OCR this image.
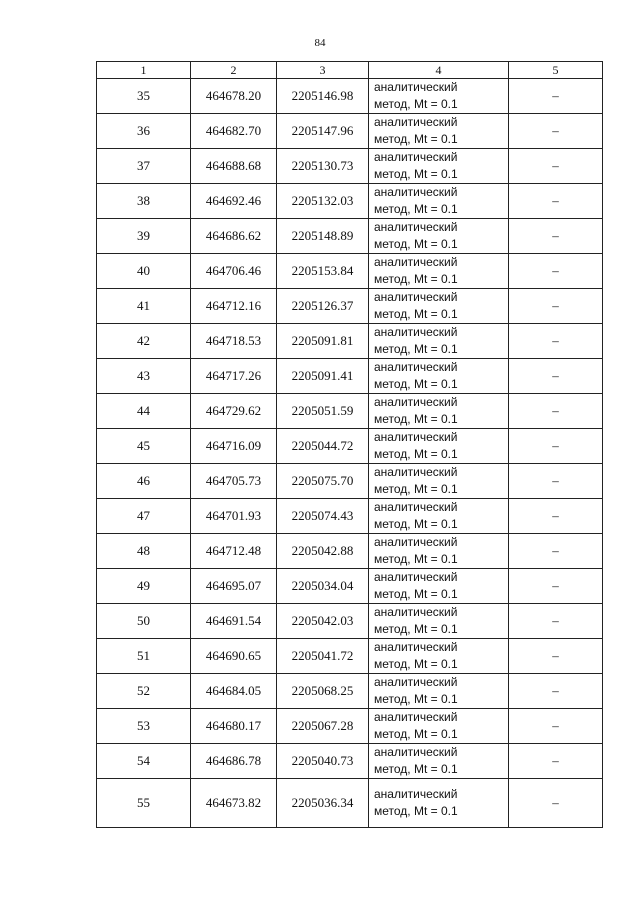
84
1	2	3	4	5
35	464678.20	2205146.98	аналитический
метод, Mt = 0.1	–
36	464682.70	2205147.96	аналитический
метод, Mt = 0.1	–
37	464688.68	2205130.73	аналитический
метод, Mt = 0.1	–
38	464692.46	2205132.03	аналитический
метод, Mt = 0.1	–
39	464686.62	2205148.89	аналитический
метод, Mt = 0.1	–
40	464706.46	2205153.84	аналитический
метод, Mt = 0.1	–
41	464712.16	2205126.37	аналитический
метод, Mt = 0.1	–
42	464718.53	2205091.81	аналитический
метод, Mt = 0.1	–
43	464717.26	2205091.41	аналитический
метод, Mt = 0.1	–
44	464729.62	2205051.59	аналитический
метод, Mt = 0.1	–
45	464716.09	2205044.72	аналитический
метод, Mt = 0.1	–
46	464705.73	2205075.70	аналитический
метод, Mt = 0.1	–
47	464701.93	2205074.43	аналитический
метод, Mt = 0.1	–
48	464712.48	2205042.88	аналитический
метод, Mt = 0.1	–
49	464695.07	2205034.04	аналитический
метод, Mt = 0.1	–
50	464691.54	2205042.03	аналитический
метод, Mt = 0.1	–
51	464690.65	2205041.72	аналитический
метод, Mt = 0.1	–
52	464684.05	2205068.25	аналитический
метод, Mt = 0.1	–
53	464680.17	2205067.28	аналитический
метод, Mt = 0.1	–
54	464686.78	2205040.73	аналитический
метод, Mt = 0.1	–
55	464673.82	2205036.34	аналитический
метод, Mt = 0.1	–
